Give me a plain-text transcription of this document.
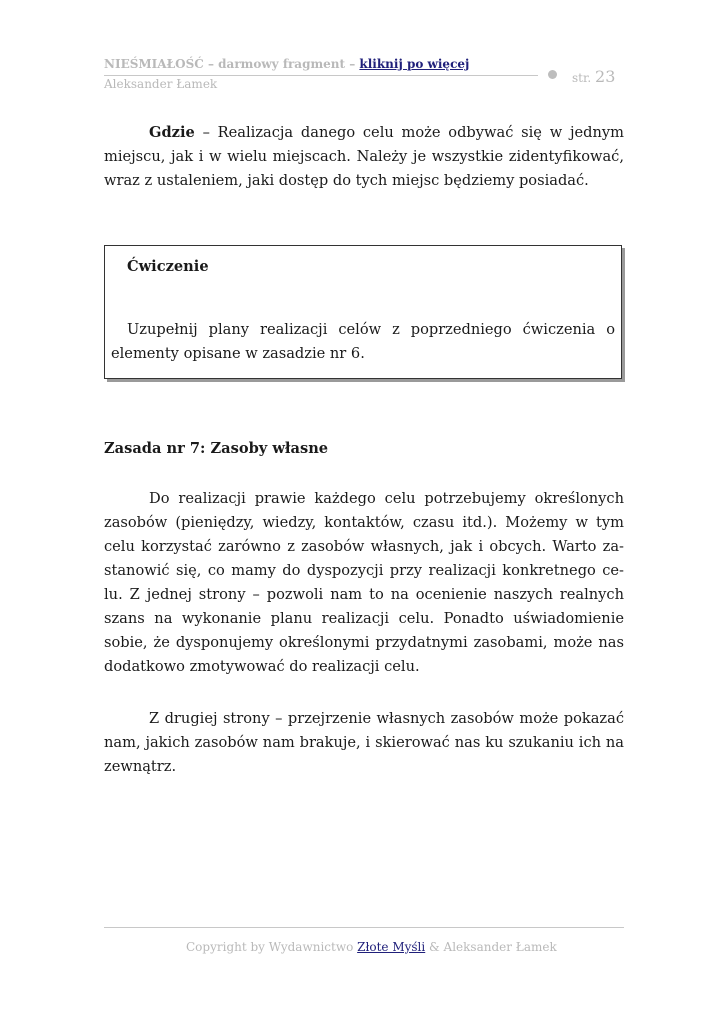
NIEŚMIAŁOŚĆ – darmowy fragment – kliknij po więcej
Aleksander Łamek	str. 23

Gdzie – Realizacja danego celu może odbywać się w jednym miejscu, jak i w wielu miejscach. Należy je wszystkie zidentyfikować, wraz z ustaleniem, jaki dostęp do tych miejsc będziemy posiadać.

Ćwiczenie

Uzupełnij plany realizacji celów z poprzedniego ćwiczenia o elementy opisane w zasadzie nr 6.

Zasada nr 7: Zasoby własne

Do realizacji prawie każdego celu potrzebujemy określonych zasobów (pieniędzy, wiedzy, kontaktów, czasu itd.). Możemy w tym celu korzystać zarówno z zasobów własnych, jak i obcych. Warto za-stanowić się, co mamy do dyspozycji przy realizacji konkretnego ce-lu. Z jednej strony – pozwoli nam to na ocenienie naszych realnych szans na wykonanie planu realizacji celu. Ponadto uświadomienie sobie, że dysponujemy określonymi przydatnymi zasobami, może nas dodatkowo zmotywować do realizacji celu.

Z drugiej strony – przejrzenie własnych zasobów może pokazać nam, jakich zasobów nam brakuje, i skierować nas ku szukaniu ich na zewnątrz.

Copyright by Wydawnictwo Złote Myśli & Aleksander Łamek
